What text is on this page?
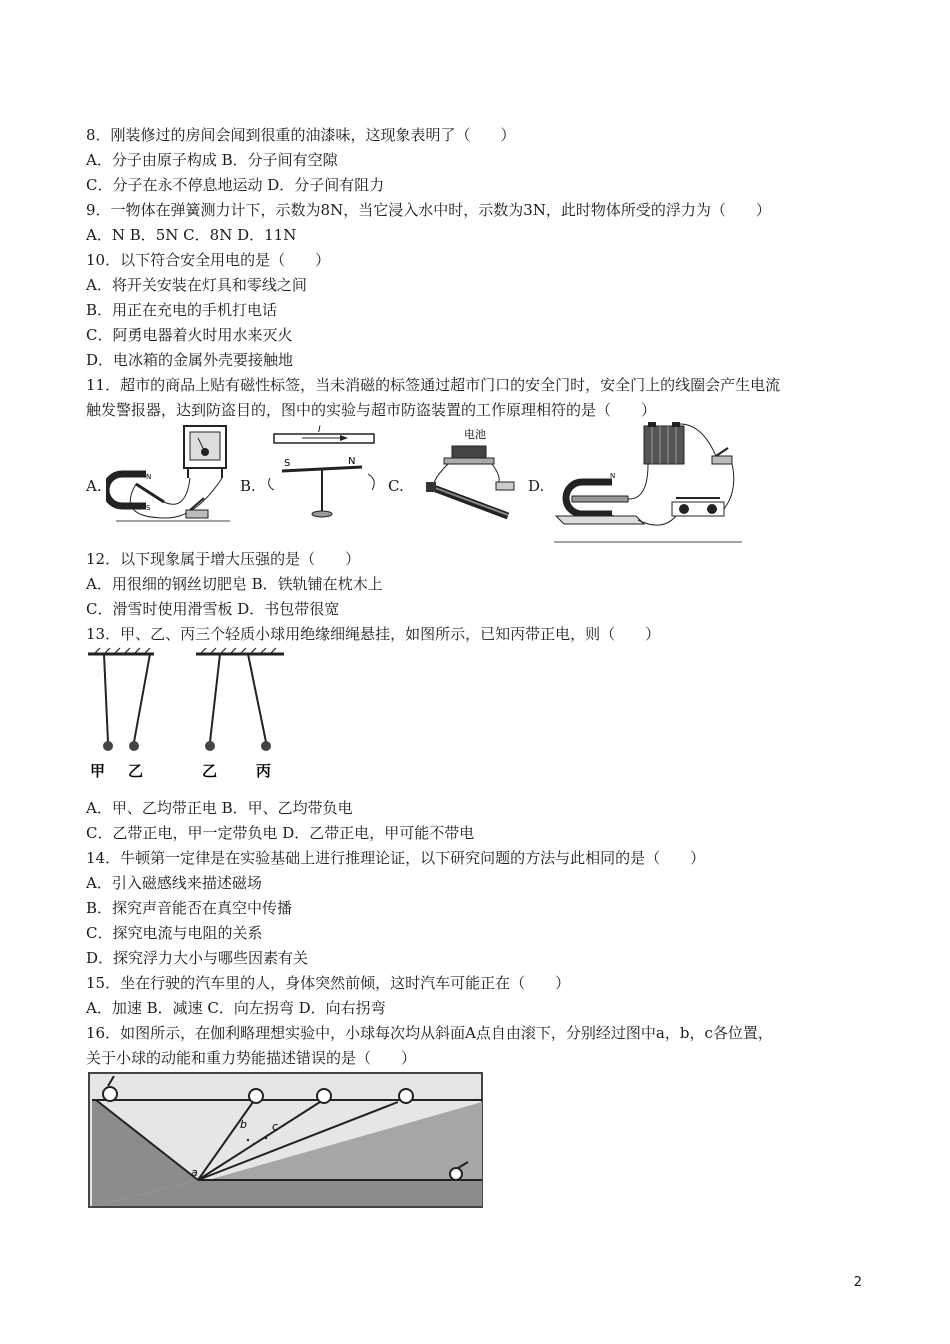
8．刚装修过的房间会闻到很重的油漆味，这现象表明了（　　）
A．分子由原子构成 B．分子间有空隙
C．分子在永不停息地运动 D．分子间有阻力
9．一物体在弹簧测力计下，示数为8N，当它浸入水中时，示数为3N，此时物体所受的浮力为（　　）
A．N B．5N C．8N D．11N
10．以下符合安全用电的是（　　）
A．将开关安装在灯具和零线之间
B．用正在充电的手机打电话
C．阿勇电器着火时用水来灭火
D．电冰箱的金属外壳要接触地
11．超市的商品上贴有磁性标签，当未消磁的标签通过超市门口的安全门时，安全门上的线圈会产生电流
触发警报器，达到防盗目的，图中的实验与超市防盗装置的工作原理相符的是（　　）
A.	N
S
B.
I
S	N
C.
电池
D.
N
12．以下现象属于增大压强的是（　　）
A．用很细的钢丝切肥皂 B．铁轨铺在枕木上
C．滑雪时使用滑雪板 D．书包带很宽
13．甲、乙、丙三个轻质小球用绝缘细绳悬挂，如图所示，已知丙带正电，则（　　）
甲 乙	乙	丙
A．甲、乙均带正电 B．甲、乙均带负电
C．乙带正电，甲一定带负电 D．乙带正电，甲可能不带电
14．牛顿第一定律是在实验基础上进行推理论证，以下研究问题的方法与此相同的是（　　）
A．引入磁感线来描述磁场
B．探究声音能否在真空中传播
C．探究电流与电阻的关系
D．探究浮力大小与哪些因素有关
15．坐在行驶的汽车里的人，身体突然前倾，这时汽车可能正在（　　）
A．加速 B．减速 C．向左拐弯 D．向右拐弯
16．如图所示，在伽利略理想实验中，小球每次均从斜面A点自由滚下，分别经过图中a，b，c各位置，
关于小球的动能和重力势能描述错误的是（　　）
a
b c
2
